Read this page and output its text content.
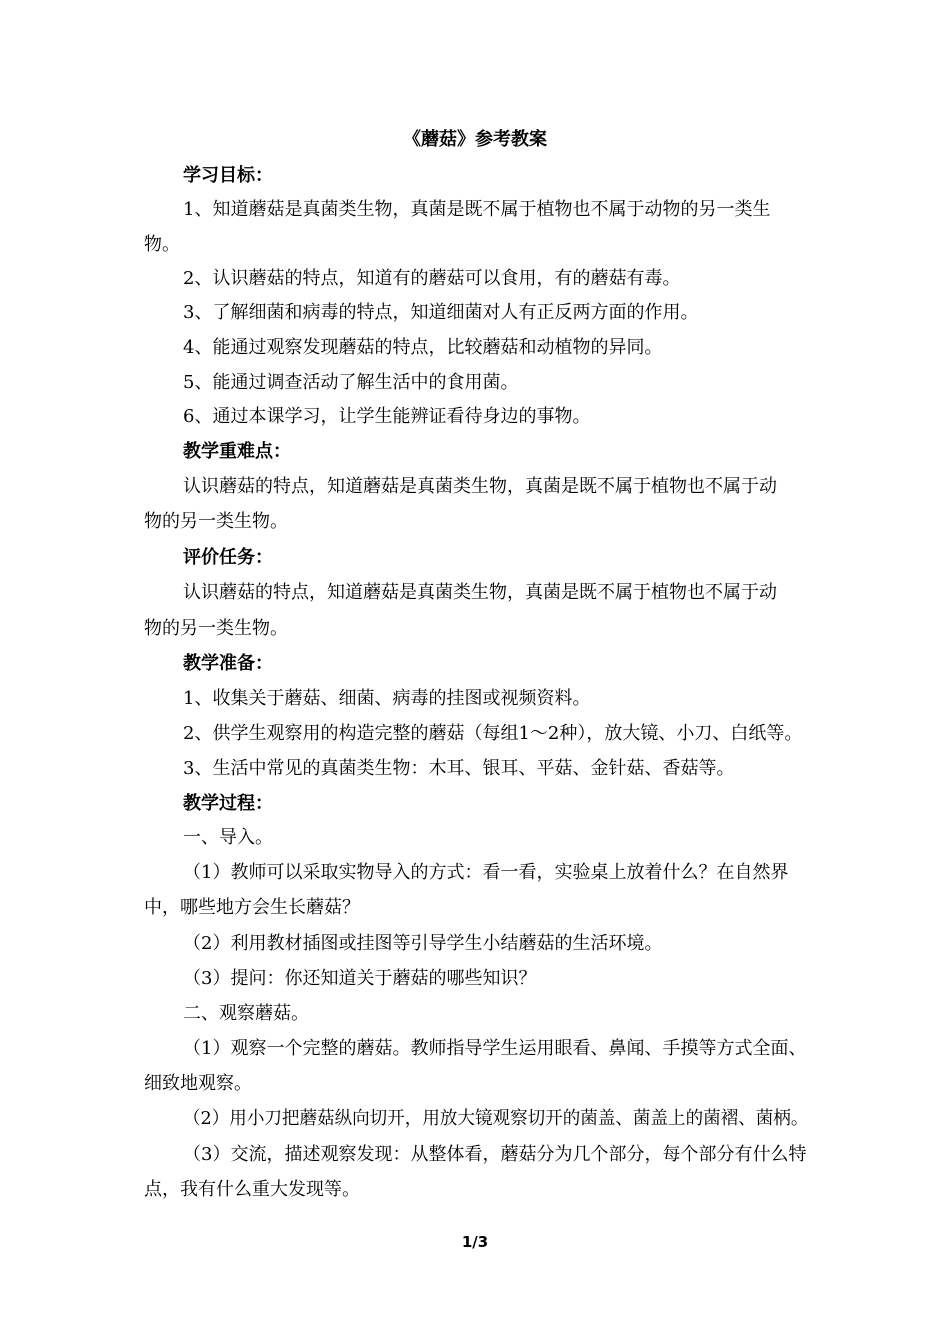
《蘑菇》参考教案
学习目标：
1、知道蘑菇是真菌类生物，真菌是既不属于植物也不属于动物的另一类生
物。
2、认识蘑菇的特点，知道有的蘑菇可以食用，有的蘑菇有毒。
3、了解细菌和病毒的特点，知道细菌对人有正反两方面的作用。
4、能通过观察发现蘑菇的特点，比较蘑菇和动植物的异同。
5、能通过调查活动了解生活中的食用菌。
6、通过本课学习，让学生能辨证看待身边的事物。
教学重难点：
认识蘑菇的特点，知道蘑菇是真菌类生物，真菌是既不属于植物也不属于动
物的另一类生物。
评价任务：
认识蘑菇的特点，知道蘑菇是真菌类生物，真菌是既不属于植物也不属于动
物的另一类生物。
教学准备：
1、收集关于蘑菇、细菌、病毒的挂图或视频资料。
2、供学生观察用的构造完整的蘑菇（每组1～2种），放大镜、小刀、白纸等。
3、生活中常见的真菌类生物：木耳、银耳、平菇、金针菇、香菇等。
教学过程：
一、导入。
（1）教师可以采取实物导入的方式：看一看，实验桌上放着什么？在自然界
中，哪些地方会生长蘑菇？
（2）利用教材插图或挂图等引导学生小结蘑菇的生活环境。
（3）提问：你还知道关于蘑菇的哪些知识？
二、观察蘑菇。
（1）观察一个完整的蘑菇。教师指导学生运用眼看、鼻闻、手摸等方式全面、
细致地观察。
（2）用小刀把蘑菇纵向切开，用放大镜观察切开的菌盖、菌盖上的菌褶、菌柄。
（3）交流，描述观察发现：从整体看，蘑菇分为几个部分，每个部分有什么特
点，我有什么重大发现等。
1/3
